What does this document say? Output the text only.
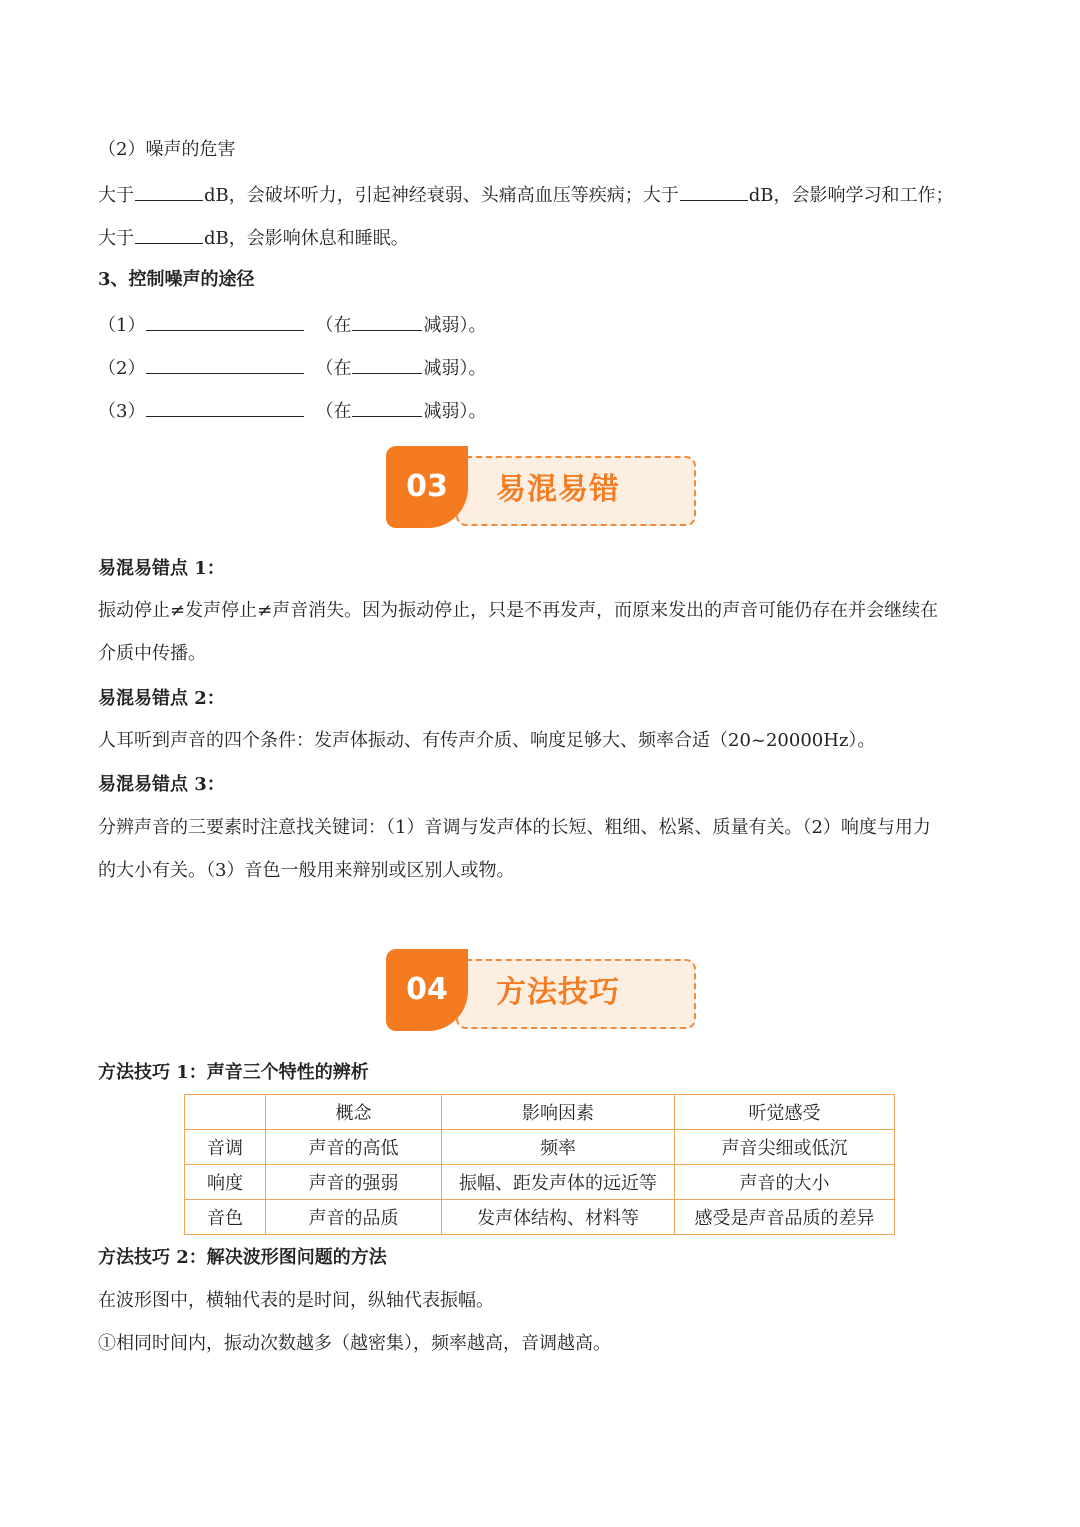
（2）噪声的危害
大于	dB，会破坏听力，引起神经衰弱、头痛高血压等疾病；大于	dB，会影响学习和工作；
大于	dB，会影响休息和睡眠。
3、控制噪声的途径
（1）	（在	减弱）。
（2）	（在	减弱）。
（3）	（在	减弱）。
03	易混易错
易混易错点 1：
振动停止≠发声停止≠声音消失。因为振动停止，只是不再发声，而原来发出的声音可能仍存在并会继续在
介质中传播。
易混易错点 2：
人耳听到声音的四个条件：发声体振动、有传声介质、响度足够大、频率合适（20~20000Hz）。
易混易错点 3：
分辨声音的三要素时注意找关键词：（1）音调与发声体的长短、粗细、松紧、质量有关。（2）响度与用力
的大小有关。（3）音色一般用来辩别或区别人或物。
04	方法技巧
方法技巧 1：声音三个特性的辨析
	概念	影响因素	听觉感受
音调	声音的高低	频率	声音尖细或低沉
响度	声音的强弱	振幅、距发声体的远近等	声音的大小
音色	声音的品质	发声体结构、材料等	感受是声音品质的差异
方法技巧 2：解决波形图问题的方法
在波形图中，横轴代表的是时间，纵轴代表振幅。
①相同时间内，振动次数越多（越密集），频率越高，音调越高。
